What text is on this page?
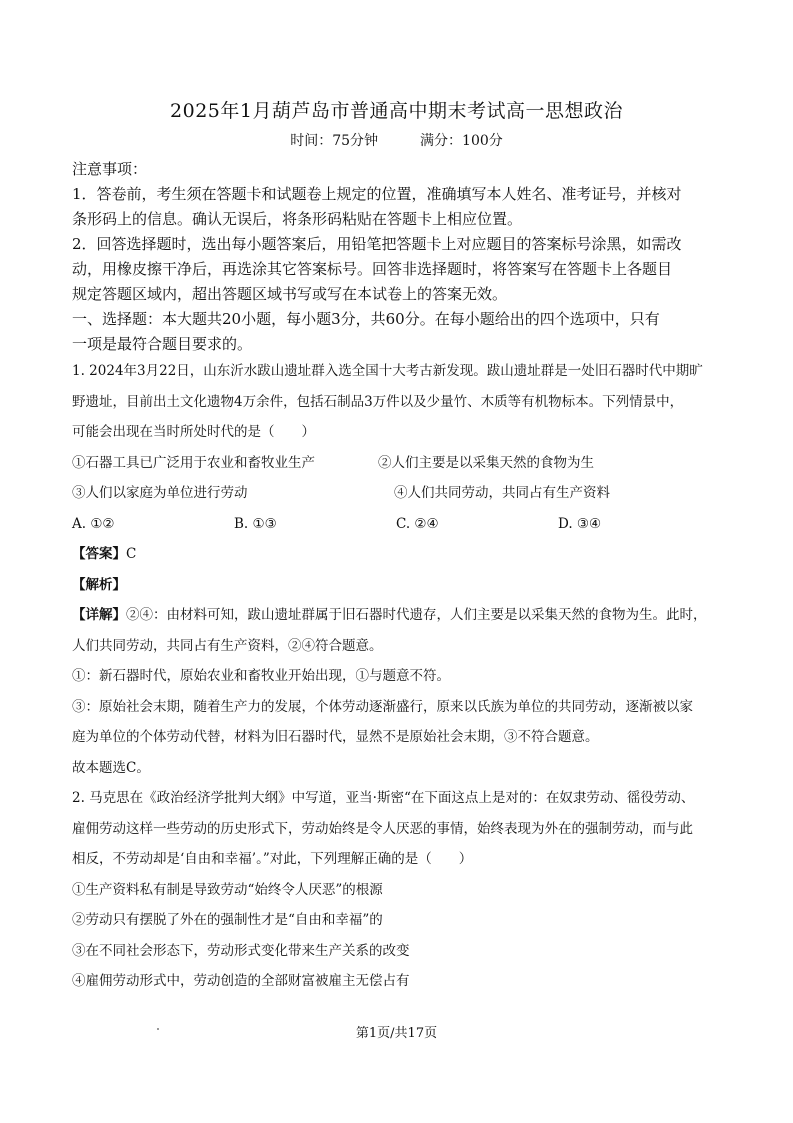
2025年1月葫芦岛市普通高中期末考试高一思想政治
时间：75分钟	满分：100分

注意事项：

1．答卷前，考生须在答题卡和试题卷上规定的位置，准确填写本人姓名、准考证号，并核对

条形码上的信息。确认无误后，将条形码粘贴在答题卡上相应位置。

2．回答选择题时，选出每小题答案后，用铅笔把答题卡上对应题目的答案标号涂黑，如需改

动，用橡皮擦干净后，再选涂其它答案标号。回答非选择题时，将答案写在答题卡上各题目

规定答题区域内，超出答题区域书写或写在本试卷上的答案无效。

一、选择题：本大题共20小题，每小题3分，共60分。在每小题给出的四个选项中，只有

一项是最符合题目要求的。

1. 2024年3月22日，山东沂水跋山遗址群入选全国十大考古新发现。跋山遗址群是一处旧石器时代中期旷

野遗址，目前出土文化遗物4万余件，包括石制品3万件以及少量竹、木质等有机物标本。下列情景中，

可能会出现在当时所处时代的是（　　）

①石器工具已广泛用于农业和畜牧业生产	②人们主要是以采集天然的食物为生

③人们以家庭为单位进行劳动	④人们共同劳动，共同占有生产资料

A. ①②	B. ①③	C. ②④	D. ③④

【答案】C

【解析】

【详解】②④：由材料可知，跋山遗址群属于旧石器时代遗存，人们主要是以采集天然的食物为生。此时，

人们共同劳动，共同占有生产资料，②④符合题意。

①：新石器时代，原始农业和畜牧业开始出现，①与题意不符。

③：原始社会末期，随着生产力的发展，个体劳动逐渐盛行，原来以氏族为单位的共同劳动，逐渐被以家

庭为单位的个体劳动代替，材料为旧石器时代，显然不是原始社会末期，③不符合题意。

故本题选C。

2. 马克思在《政治经济学批判大纲》中写道，亚当·斯密“在下面这点上是对的：在奴隶劳动、徭役劳动、

雇佣劳动这样一些劳动的历史形式下，劳动始终是令人厌恶的事情，始终表现为外在的强制劳动，而与此

相反，不劳动却是‘自由和幸福’。”对此，下列理解正确的是（　　）

①生产资料私有制是导致劳动“始终令人厌恶”的根源

②劳动只有摆脱了外在的强制性才是“自由和幸福”的

③在不同社会形态下，劳动形式变化带来生产关系的改变

④雇佣劳动形式中，劳动创造的全部财富被雇主无偿占有

第1页/共17页
